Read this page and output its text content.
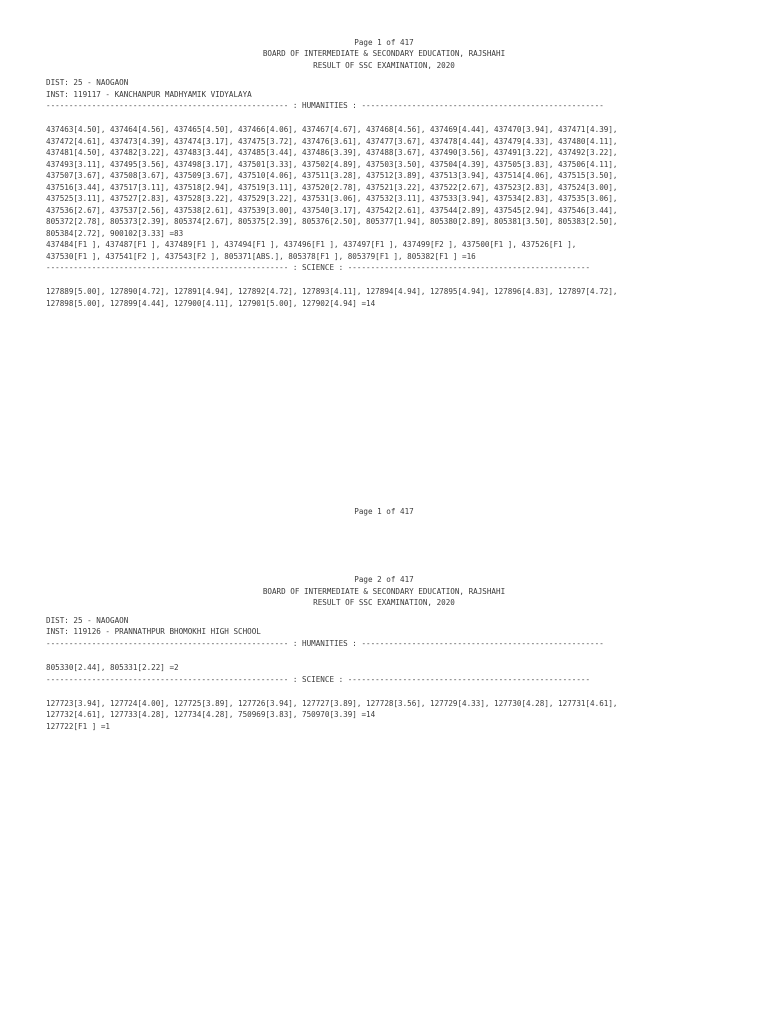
Page 1 of 417

BOARD OF INTERMEDIATE & SECONDARY EDUCATION, RAJSHAHI

RESULT OF SSC EXAMINATION, 2020

DIST: 25 - NAOGAON

INST: 119117 - KANCHANPUR MADHYAMIK VIDYALAYA

----------------------------------------------------- : HUMANITIES : -----------------------------------------------------

437463[4.50], 437464[4.56], 437465[4.50], 437466[4.06], 437467[4.67], 437468[4.56], 437469[4.44], 437470[3.94], 437471[4.39],

437472[4.61], 437473[4.39], 437474[3.17], 437475[3.72], 437476[3.61], 437477[3.67], 437478[4.44], 437479[4.33], 437480[4.11],

437481[4.50], 437482[3.22], 437483[3.44], 437485[3.44], 437486[3.39], 437488[3.67], 437490[3.56], 437491[3.22], 437492[3.22],

437493[3.11], 437495[3.56], 437498[3.17], 437501[3.33], 437502[4.89], 437503[3.50], 437504[4.39], 437505[3.83], 437506[4.11],

437507[3.67], 437508[3.67], 437509[3.67], 437510[4.06], 437511[3.28], 437512[3.89], 437513[3.94], 437514[4.06], 437515[3.50],

437516[3.44], 437517[3.11], 437518[2.94], 437519[3.11], 437520[2.78], 437521[3.22], 437522[2.67], 437523[2.83], 437524[3.00],

437525[3.11], 437527[2.83], 437528[3.22], 437529[3.22], 437531[3.06], 437532[3.11], 437533[3.94], 437534[2.83], 437535[3.06],

437536[2.67], 437537[2.56], 437538[2.61], 437539[3.00], 437540[3.17], 437542[2.61], 437544[2.89], 437545[2.94], 437546[3.44],

805372[2.78], 805373[2.39], 805374[2.67], 805375[2.39], 805376[2.50], 805377[1.94], 805380[2.89], 805381[3.50], 805383[2.50],

805384[2.72], 900102[3.33] =83

437484[F1 ], 437487[F1 ], 437489[F1 ], 437494[F1 ], 437496[F1 ], 437497[F1 ], 437499[F2 ], 437500[F1 ], 437526[F1 ],

437530[F1 ], 437541[F2 ], 437543[F2 ], 805371[ABS.], 805378[F1 ], 805379[F1 ], 805382[F1 ] =16

----------------------------------------------------- : SCIENCE : -----------------------------------------------------

127889[5.00], 127890[4.72], 127891[4.94], 127892[4.72], 127893[4.11], 127894[4.94], 127895[4.94], 127896[4.83], 127897[4.72],

127898[5.00], 127899[4.44], 127900[4.11], 127901[5.00], 127902[4.94] =14

Page 1 of 417

Page 2 of 417

BOARD OF INTERMEDIATE & SECONDARY EDUCATION, RAJSHAHI

RESULT OF SSC EXAMINATION, 2020

DIST: 25 - NAOGAON

INST: 119126 - PRANNATHPUR BHOMOKHI HIGH SCHOOL

----------------------------------------------------- : HUMANITIES : -----------------------------------------------------

805330[2.44], 805331[2.22] =2

----------------------------------------------------- : SCIENCE : -----------------------------------------------------

127723[3.94], 127724[4.00], 127725[3.89], 127726[3.94], 127727[3.89], 127728[3.56], 127729[4.33], 127730[4.28], 127731[4.61],

127732[4.61], 127733[4.28], 127734[4.28], 750969[3.83], 750970[3.39] =14

127722[F1 ] =1
